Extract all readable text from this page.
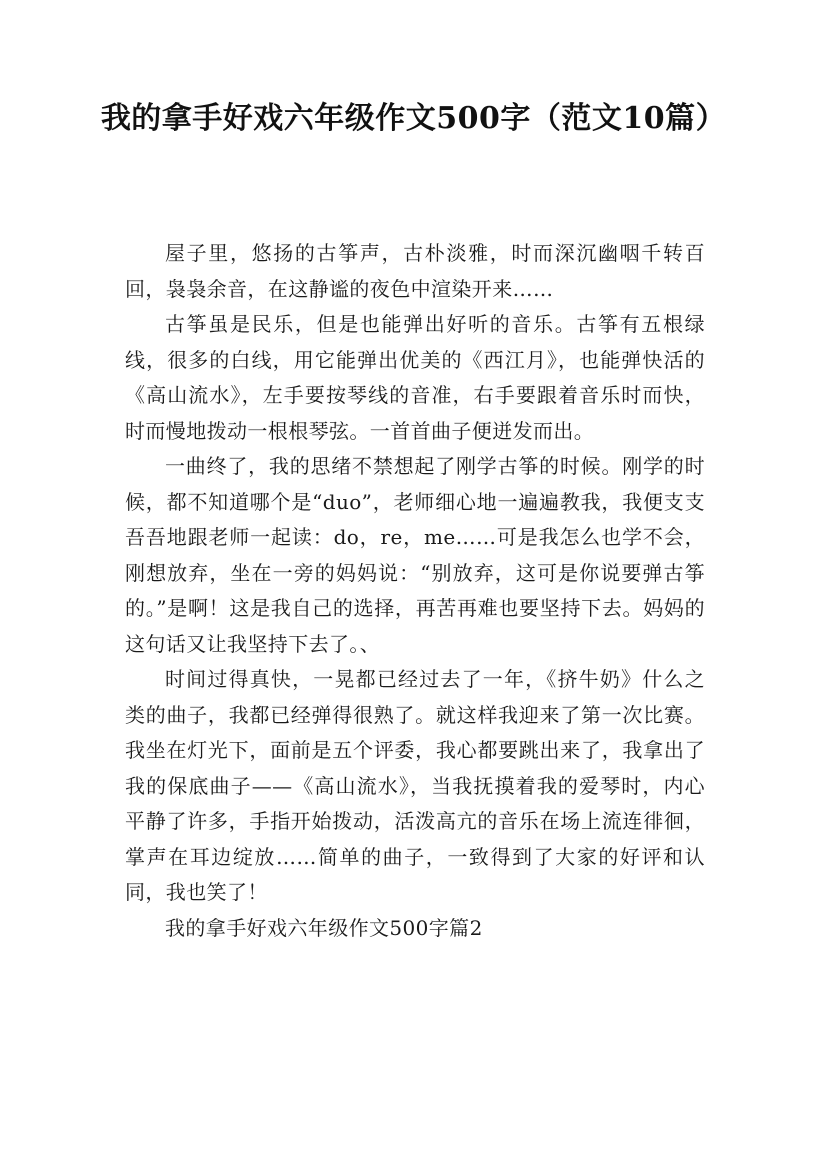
我的拿手好戏六年级作文500字（范文10篇）

屋子里，悠扬的古筝声，古朴淡雅，时而深沉幽咽千转百回，袅袅余音，在这静谧的夜色中渲染开来……

古筝虽是民乐，但是也能弹出好听的音乐。古筝有五根绿线，很多的白线，用它能弹出优美的《西江月》，也能弹快活的《高山流水》，左手要按琴线的音准，右手要跟着音乐时而快，时而慢地拨动一根根琴弦。一首首曲子便迸发而出。

一曲终了，我的思绪不禁想起了刚学古筝的时候。刚学的时候，都不知道哪个是“duo”，老师细心地一遍遍教我，我便支支吾吾地跟老师一起读：do，re，me……可是我怎么也学不会，刚想放弃，坐在一旁的妈妈说：“别放弃，这可是你说要弹古筝的。”是啊！这是我自己的选择，再苦再难也要坚持下去。妈妈的这句话又让我坚持下去了。、

时间过得真快，一晃都已经过去了一年，《挤牛奶》什么之类的曲子，我都已经弹得很熟了。就这样我迎来了第一次比赛。我坐在灯光下，面前是五个评委，我心都要跳出来了，我拿出了我的保底曲子——《高山流水》，当我抚摸着我的爱琴时，内心平静了许多，手指开始拨动，活泼高亢的音乐在场上流连徘徊，掌声在耳边绽放……简单的曲子，一致得到了大家的好评和认同，我也笑了！

我的拿手好戏六年级作文500字篇2
